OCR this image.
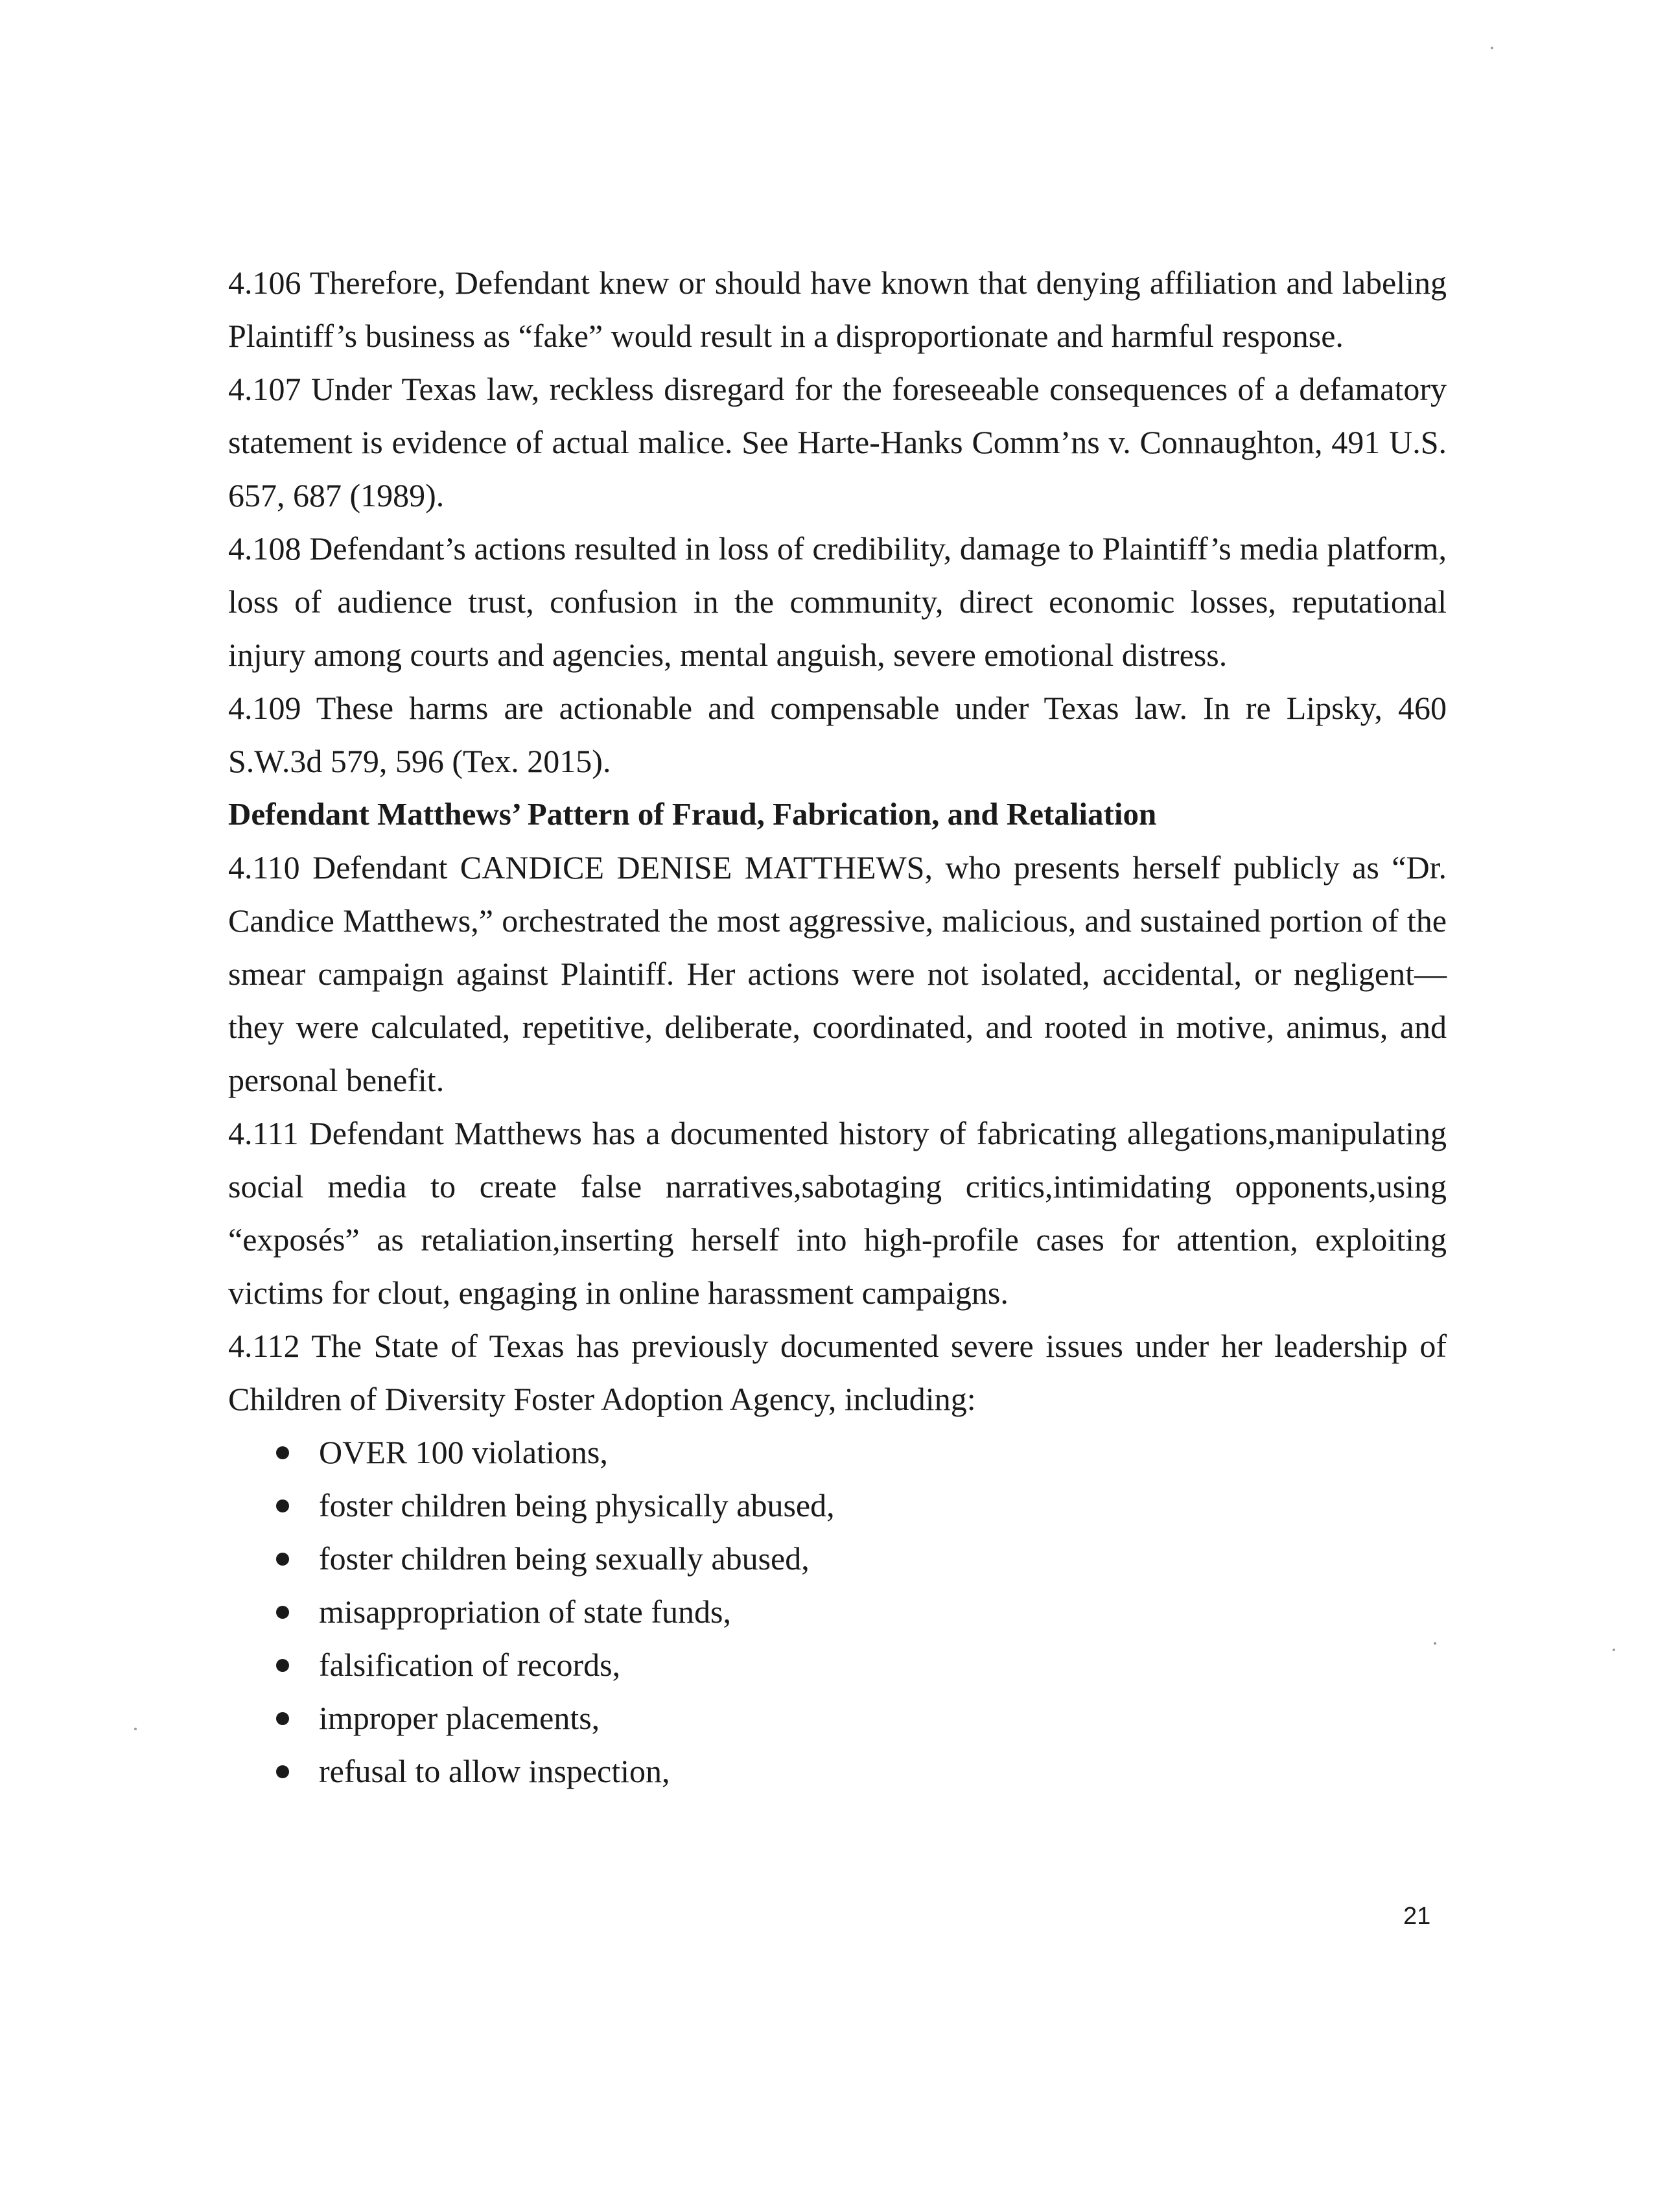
4.106 Therefore, Defendant knew or should have known that denying affiliation and labeling Plaintiff’s business as “fake” would result in a disproportionate and harmful response.

4.107 Under Texas law, reckless disregard for the foreseeable consequences of a defamatory statement is evidence of actual malice. See Harte-Hanks Comm’ns v. Connaughton, 491 U.S. 657, 687 (1989).

4.108 Defendant’s actions resulted in loss of credibility, damage to Plaintiff’s media platform, loss of audience trust, confusion in the community, direct economic losses, reputational injury among courts and agencies, mental anguish, severe emotional distress.

4.109 These harms are actionable and compensable under Texas law. In re Lipsky, 460 S.W.3d 579, 596 (Tex. 2015).

Defendant Matthews’ Pattern of Fraud, Fabrication, and Retaliation

4.110 Defendant CANDICE DENISE MATTHEWS, who presents herself publicly as “Dr. Candice Matthews,” orchestrated the most aggressive, malicious, and sustained portion of the smear campaign against Plaintiff. Her actions were not isolated, accidental, or negligent—they were calculated, repetitive, deliberate, coordinated, and rooted in motive, animus, and personal benefit.

4.111 Defendant Matthews has a documented history of fabricating allegations,manipulating social media to create false narratives,sabotaging critics,intimidating opponents,using “exposés” as retaliation,inserting herself into high-profile cases for attention, exploiting victims for clout, engaging in online harassment campaigns.

4.112 The State of Texas has previously documented severe issues under her leadership of Children of Diversity Foster Adoption Agency, including:

OVER 100 violations,
foster children being physically abused,
foster children being sexually abused,
misappropriation of state funds,
falsification of records,
improper placements,
refusal to allow inspection,
21
